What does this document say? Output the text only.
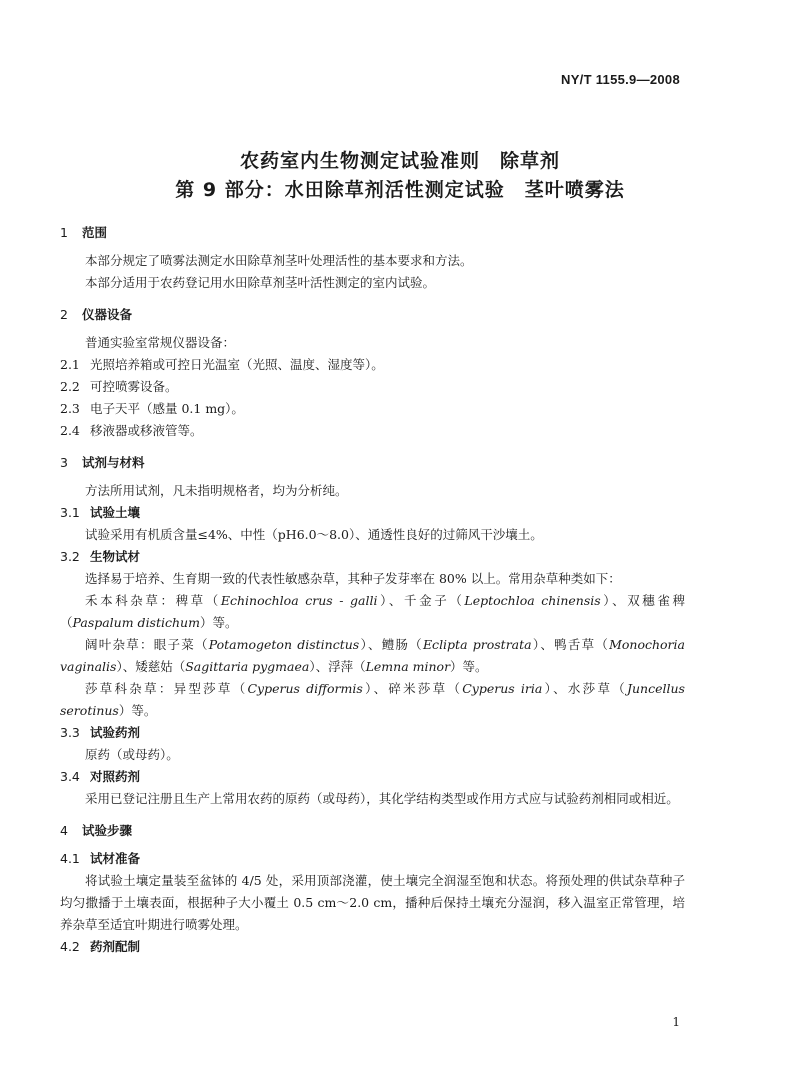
NY/T 1155.9—2008
农药室内生物测定试验准则　除草剂
第 9 部分：水田除草剂活性测定试验　茎叶喷雾法

1 范围

本部分规定了喷雾法测定水田除草剂茎叶处理活性的基本要求和方法。

本部分适用于农药登记用水田除草剂茎叶活性测定的室内试验。

2 仪器设备

普通实验室常规仪器设备：

2.1 光照培养箱或可控日光温室（光照、温度、湿度等）。

2.2 可控喷雾设备。

2.3 电子天平（感量 0.1 mg）。

2.4 移液器或移液管等。

3 试剂与材料

方法所用试剂，凡未指明规格者，均为分析纯。

3.1 试验土壤

试验采用有机质含量≤4%、中性（pH6.0～8.0）、通透性良好的过筛风干沙壤土。

3.2 生物试材

选择易于培养、生育期一致的代表性敏感杂草，其种子发芽率在 80% 以上。常用杂草种类如下：

禾本科杂草：稗草（Echinochloa crus - galli）、千金子（Leptochloa chinensis）、双穗雀稗（Paspalum distichum）等。

阔叶杂草：眼子菜（Potamogeton distinctus）、鳢肠（Eclipta prostrata）、鸭舌草（Monochoria vaginalis）、矮慈姑（Sagittaria pygmaea）、浮萍（Lemna minor）等。

莎草科杂草：异型莎草（Cyperus difformis）、碎米莎草（Cyperus iria）、水莎草（Juncellus serotinus）等。

3.3 试验药剂

原药（或母药）。

3.4 对照药剂

采用已登记注册且生产上常用农药的原药（或母药），其化学结构类型或作用方式应与试验药剂相同或相近。

4 试验步骤

4.1 试材准备

将试验土壤定量装至盆钵的 4/5 处，采用顶部浇灌，使土壤完全润湿至饱和状态。将预处理的供试杂草种子均匀撒播于土壤表面，根据种子大小覆土 0.5 cm～2.0 cm，播种后保持土壤充分湿润，移入温室正常管理，培养杂草至适宜叶期进行喷雾处理。

4.2 药剂配制

1
